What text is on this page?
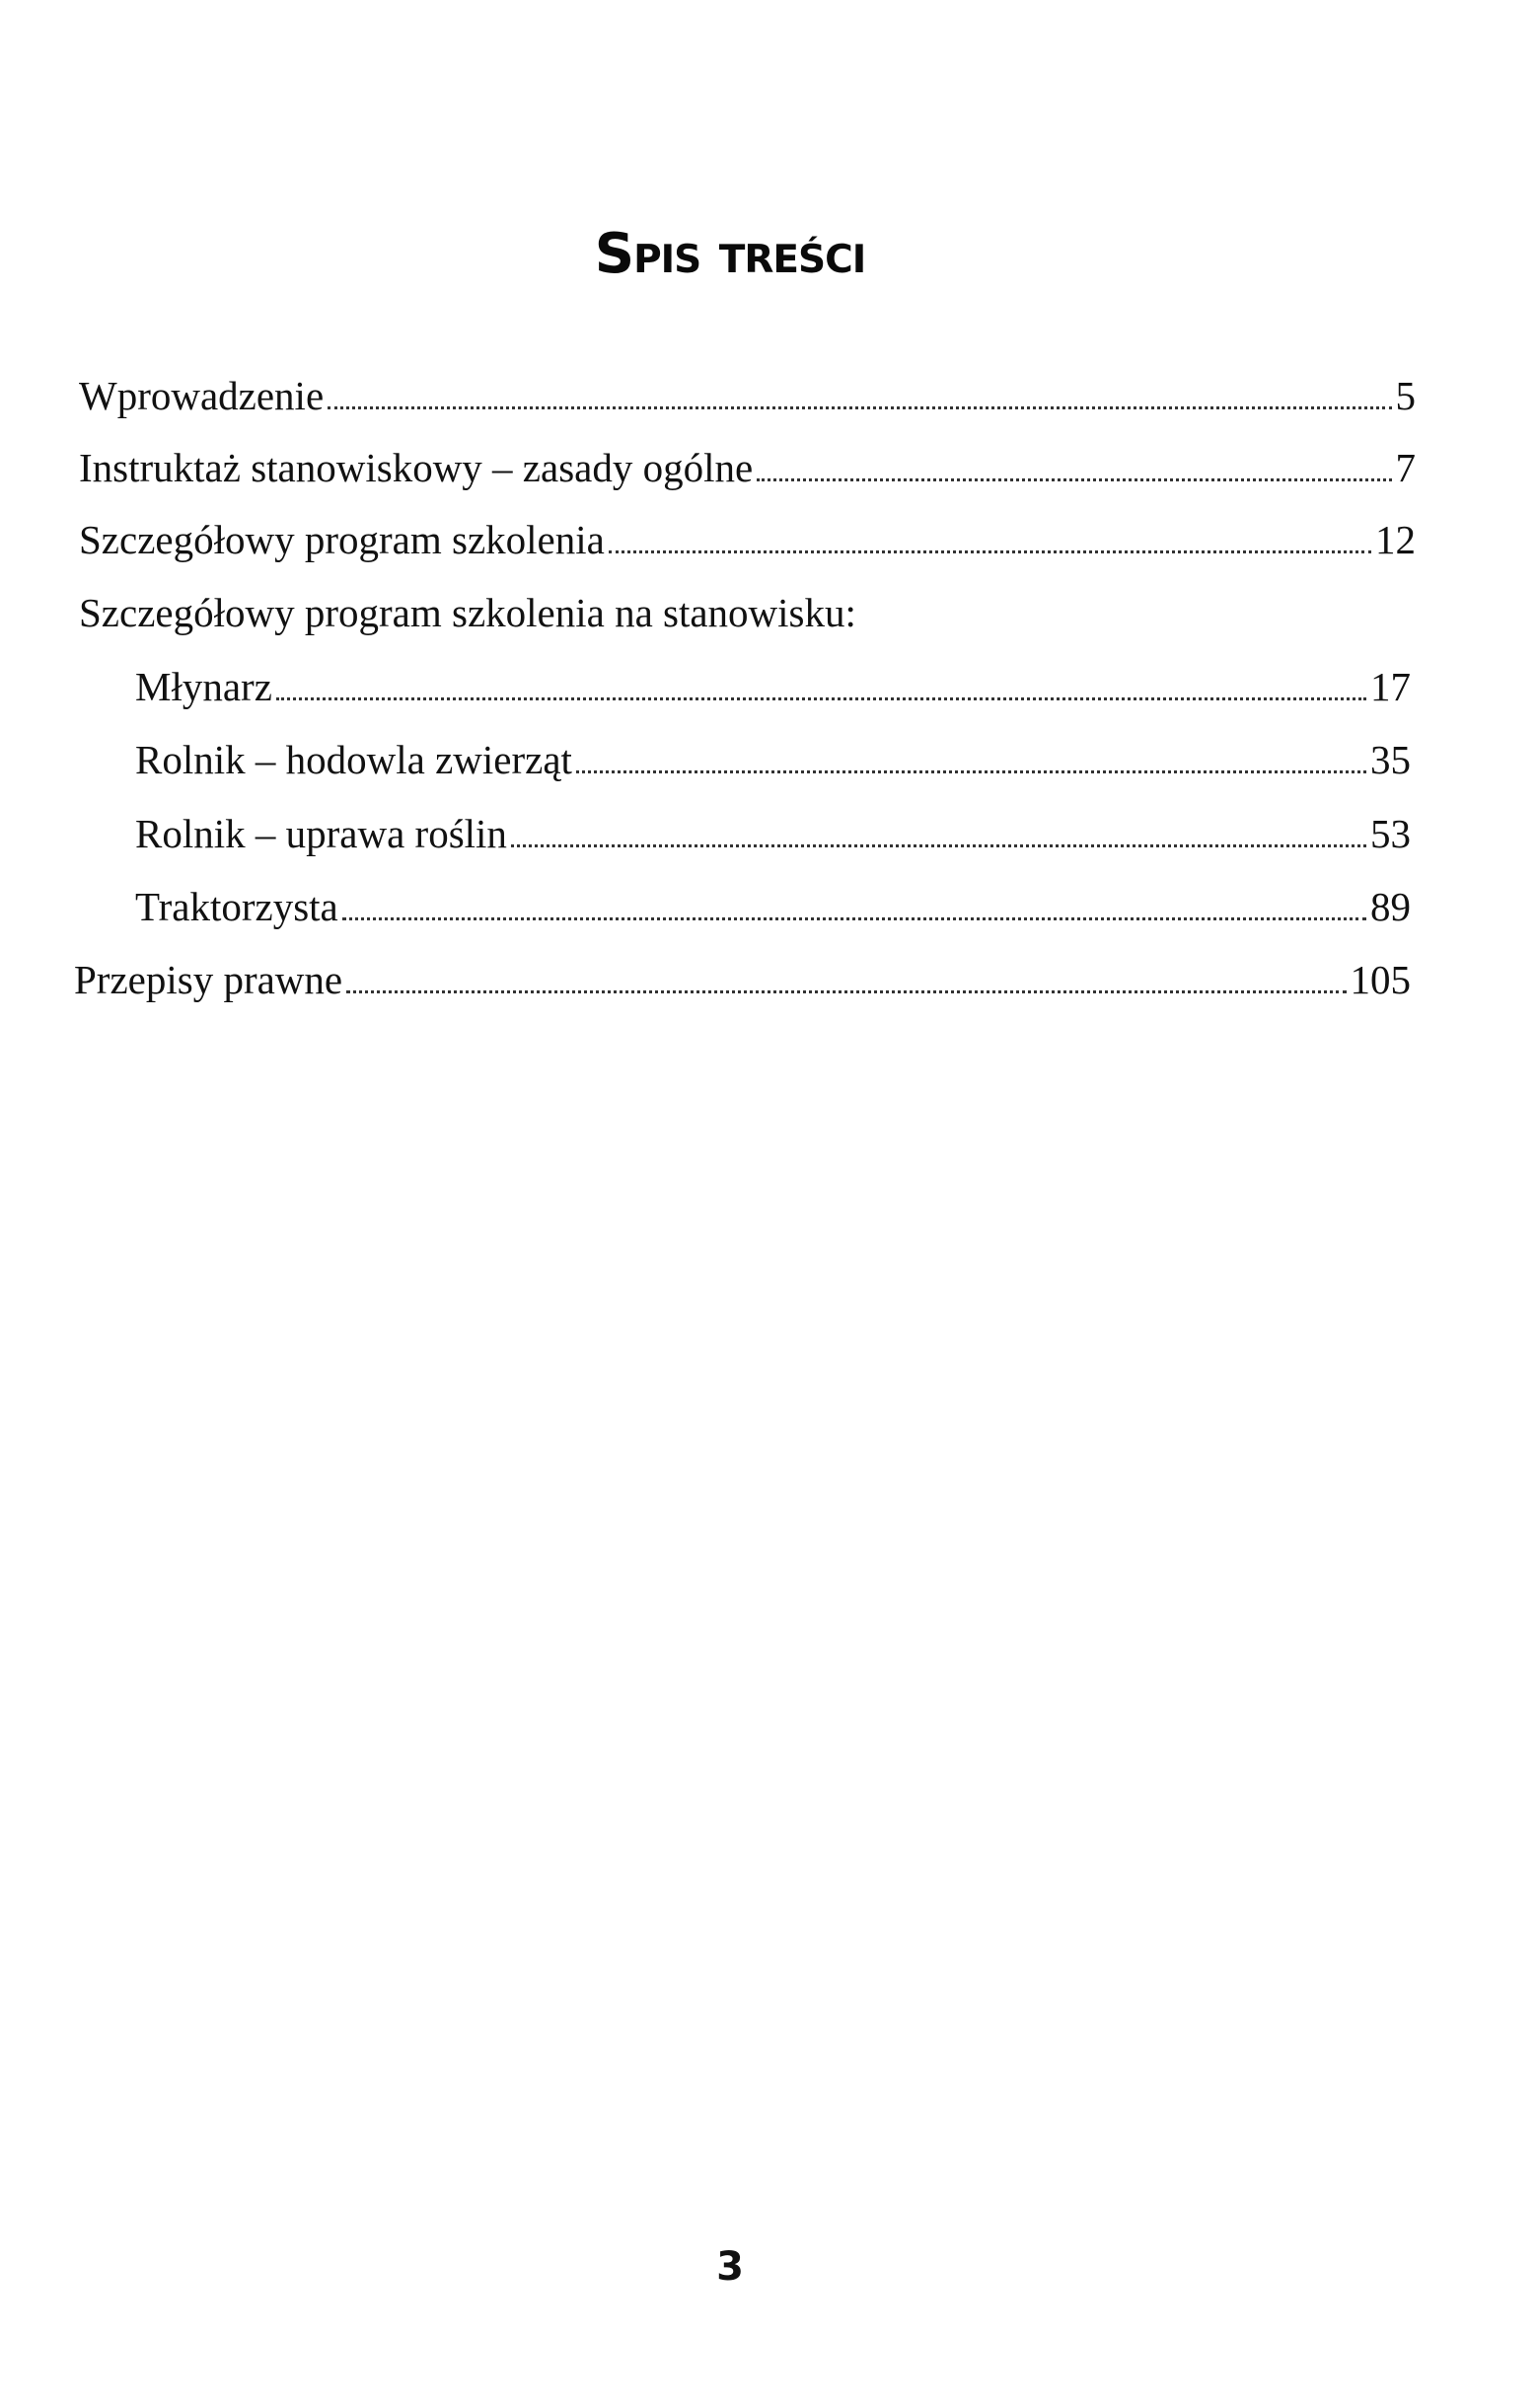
Spis treści
Wprowadzenie	5
Instruktaż stanowiskowy – zasady ogólne	7
Szczegółowy program szkolenia	12
Szczegółowy program szkolenia na stanowisku:
Młynarz	17
Rolnik – hodowla zwierząt	35
Rolnik – uprawa roślin	53
Traktorzysta	89
Przepisy prawne	105
3
